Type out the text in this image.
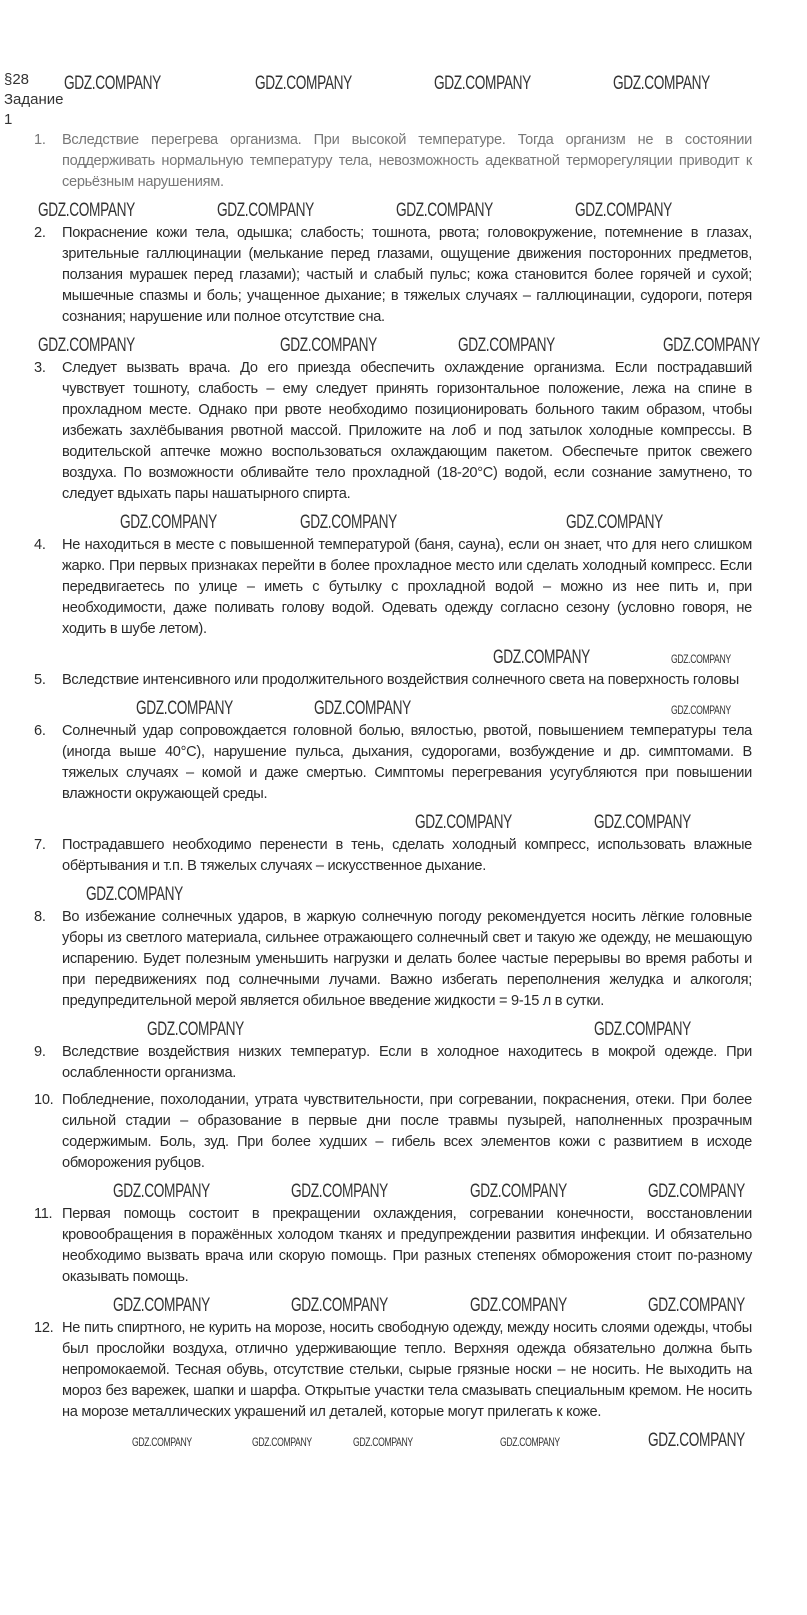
§28
Задание 1
GDZ.COMPANY	GDZ.COMPANY	GDZ.COMPANY	GDZ.COMPANY
1. Вследствие перегрева организма. При высокой температуре. Тогда организм не в состоянии поддерживать нормальную температуру тела, невозможность адекватной терморегуляции приводит к серьёзным нарушениям.
GDZ.COMPANY	GDZ.COMPANY	GDZ.COMPANY	GDZ.COMPANY
2. Покраснение кожи тела, одышка; слабость; тошнота, рвота; головокружение, потемнение в глазах, зрительные галлюцинации (мелькание перед глазами, ощущение движения посторонних предметов, ползания мурашек перед глазами); частый и слабый пульс; кожа становится более горячей и сухой; мышечные спазмы и боль; учащенное дыхание; в тяжелых случаях – галлюцинации, судороги, потеря сознания; нарушение или полное отсутствие сна.
GDZ.COMPANY	GDZ.COMPANY	GDZ.COMPANY	GDZ.COMPANY
3. Следует вызвать врача. До его приезда обеспечить охлаждение организма. Если пострадавший чувствует тошноту, слабость – ему следует принять горизонтальное положение, лежа на спине в прохладном месте. Однако при рвоте необходимо позиционировать больного таким образом, чтобы избежать захлёбывания рвотной массой. Приложите на лоб и под затылок холодные компрессы. В водительской аптечке можно воспользоваться охлаждающим пакетом. Обеспечьте приток свежего воздуха. По возможности обливайте тело прохладной (18-20°C) водой, если сознание замутнено, то следует вдыхать пары нашатырного спирта.
GDZ.COMPANY	GDZ.COMPANY	GDZ.COMPANY
4. Не находиться в месте с повышенной температурой (баня, сауна), если он знает, что для него слишком жарко. При первых признаках перейти в более прохладное место или сделать холодный компресс. Если передвигаетесь по улице – иметь с бутылку с прохладной водой – можно из нее пить и, при необходимости, даже поливать голову водой. Одевать одежду согласно сезону (условно говоря, не ходить в шубе летом).
GDZ.COMPANY	GDZ.COMPANY
5. Вследствие интенсивного или продолжительного воздействия солнечного света на поверхность головы
GDZ.COMPANY	GDZ.COMPANY	GDZ.COMPANY
6. Солнечный удар сопровождается головной болью, вялостью, рвотой, повышением температуры тела (иногда выше 40°C), нарушение пульса, дыхания, судорогами, возбуждение и др. симптомами. В тяжелых случаях – комой и даже смертью. Симптомы перегревания усугубляются при повышении влажности окружающей среды.
GDZ.COMPANY	GDZ.COMPANY
7. Пострадавшего необходимо перенести в тень, сделать холодный компресс, использовать влажные обёртывания и т.п. В тяжелых случаях – искусственное дыхание.
GDZ.COMPANY
8. Во избежание солнечных ударов, в жаркую солнечную погоду рекомендуется носить лёгкие головные уборы из светлого материала, сильнее отражающего солнечный свет и такую же одежду, не мешающую испарению. Будет полезным уменьшить нагрузки и делать более частые перерывы во время работы и при передвижениях под солнечными лучами. Важно избегать переполнения желудка и алкоголя; предупредительной мерой является обильное введение жидкости = 9-15 л в сутки.
GDZ.COMPANY	GDZ.COMPANY
9. Вследствие воздействия низких температур. Если в холодное находитесь в мокрой одежде. При ослабленности организма.
10. Побледнение, похолодании, утрата чувствительности, при согревании, покраснения, отеки. При более сильной стадии – образование в первые дни после травмы пузырей, наполненных прозрачным содержимым. Боль, зуд. При более худших – гибель всех элементов кожи с развитием в исходе обморожения рубцов.
GDZ.COMPANY	GDZ.COMPANY	GDZ.COMPANY	GDZ.COMPANY
11. Первая помощь состоит в прекращении охлаждения, согревании конечности, восстановлении кровообращения в поражённых холодом тканях и предупреждении развития инфекции. И обязательно необходимо вызвать врача или скорую помощь. При разных степенях обморожения стоит по-разному оказывать помощь.
GDZ.COMPANY	GDZ.COMPANY	GDZ.COMPANY	GDZ.COMPANY
12. Не пить спиртного, не курить на морозе, носить свободную одежду, между носить слоями одежды, чтобы был прослойки воздуха, отлично удерживающие тепло. Верхняя одежда обязательно должна быть непромокаемой. Тесная обувь, отсутствие стельки, сырые грязные носки – не носить. Не выходить на мороз без варежек, шапки и шарфа. Открытые участки тела смазывать специальным кремом. Не носить на морозе металлических украшений ил деталей, которые могут прилегать к коже.
GDZ.COMPANY	GDZ.COMPANY	GDZ.COMPANY	GDZ.COMPANY	GDZ.COMPANY
